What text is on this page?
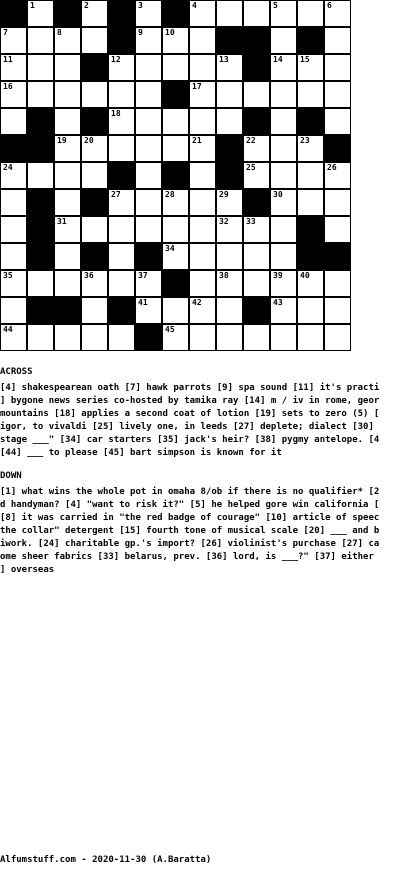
1	2	3	4	5	6
7	8	9	10
11	12	13	14 15
16	17
18
19 20	21	22	23
24	25	26
27	28	29	30
31	32 33
34
35	36	37	38	39 40
41	42	43
44	45
ACROSS
[4] shakespearean oath [7] hawk parrots [9] spa sound [11] it's practi
] bygone news series co-hosted by tamika ray [14] m / iv in rome, geor
mountains [18] applies a second coat of lotion [19] sets to zero (5) [
igor, to vivaldi [25] lively one, in leeds [27] deplete; dialect [30]
stage ___" [34] car starters [35] jack's heir? [38] pygmy antelope. [4
[44] ___ to please [45] bart simpson is known for it
DOWN
[1] what wins the whole pot in omaha 8/ob if there is no qualifier* [2
d handyman? [4] "want to risk it?" [5] he helped gore win california [
[8] it was carried in "the red badge of courage" [10] article of speec
the collar" detergent [15] fourth tone of musical scale [20] ___ and b
iwork. [24] charitable gp.'s import? [26] violinist's purchase [27] ca
ome sheer fabrics [33] belarus, prev. [36] lord, is ___?" [37] either
] overseas
Alfumstuff.com - 2020-11-30 (A.Baratta)
